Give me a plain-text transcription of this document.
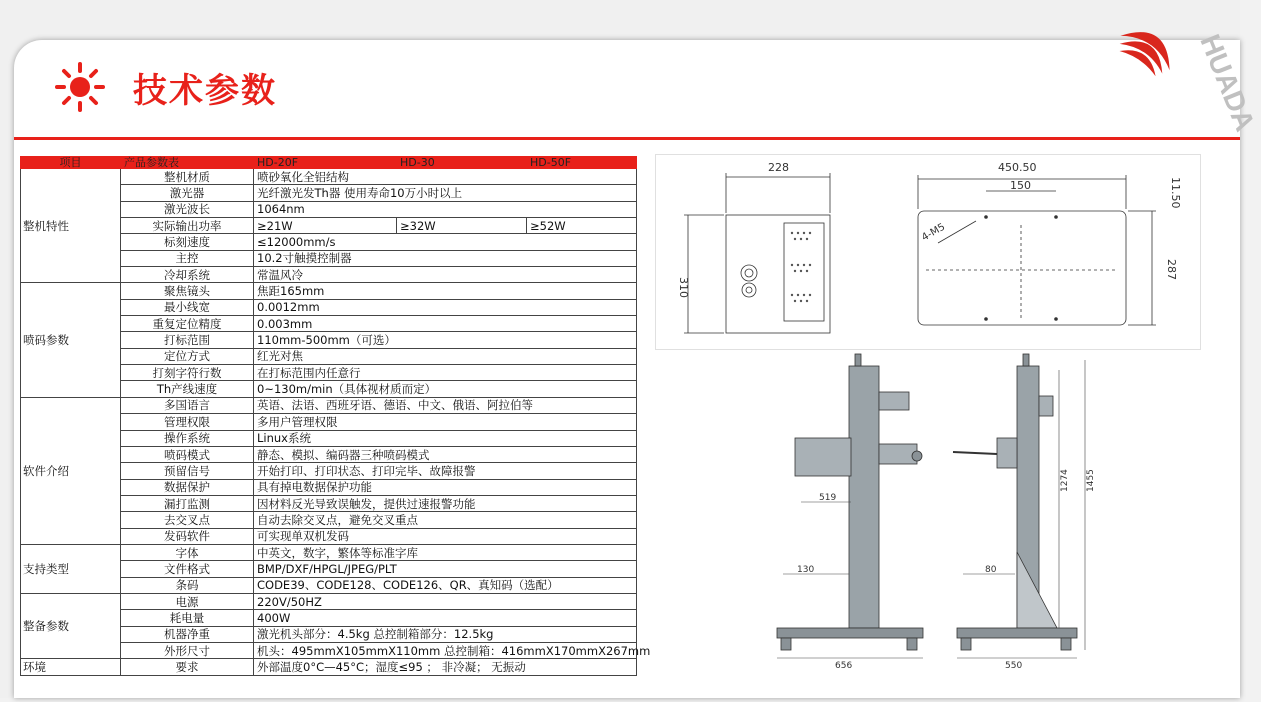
技术参数	HUADA
项目	产品参数表	HD-20F	HD-30	HD-50F
整机特性	整机材质	喷砂氧化全铝结构		
	激光器	光纤激光发Th器 使用寿命10万小时以上		
	激光波长	1064nm		
	实际输出功率	≥21W	≥32W	≥52W
	标刻速度	≤12000mm/s		
	主控	10.2寸触摸控制器		
	冷却系统	常温风冷		
喷码参数	聚焦镜头	焦距165mm		
	最小线宽	0.0012mm		
	重复定位精度	0.003mm		
	打标范围	110mm-500mm（可选）		
	定位方式	红光对焦		
	打刻字符行数	在打标范围内任意行		
	Th产线速度	0~130m/min（具体视材质而定）		
软件介绍	多国语言	英语、法语、西班牙语、德语、中文、俄语、阿拉伯等		
	管理权限	多用户管理权限		
	操作系统	Linux系统		
	喷码模式	静态、模拟、编码器三种喷码模式		
	预留信号	开始打印、打印状态、打印完毕、故障报警		
	数据保护	具有掉电数据保护功能		
	漏打监测	因材料反光导致误触发，提供过速报警功能		
	去交叉点	自动去除交叉点，避免交叉重点		
	发码软件	可实现单双机发码		
支持类型	字体	中英文，数字，繁体等标准字库		
	文件格式	BMP/DXF/HPGL/JPEG/PLT		
	条码	CODE39、CODE128、CODE126、QR、真知码（选配）		
整备参数	电源	220V/50HZ		
	耗电量	400W		
	机器净重	激光机头部分：4.5kg 总控制箱部分：12.5kg		
	外形尺寸	机头：495mmX105mmX110mm 总控制箱：416mmX170mmX267mm		
环境	要求	外部温度0°C—45°C；湿度≤95 ； 非冷凝； 无振动		
228
310
450.50
150	11.50
287
4-M5
519
130	80
656	550
1274 1455
